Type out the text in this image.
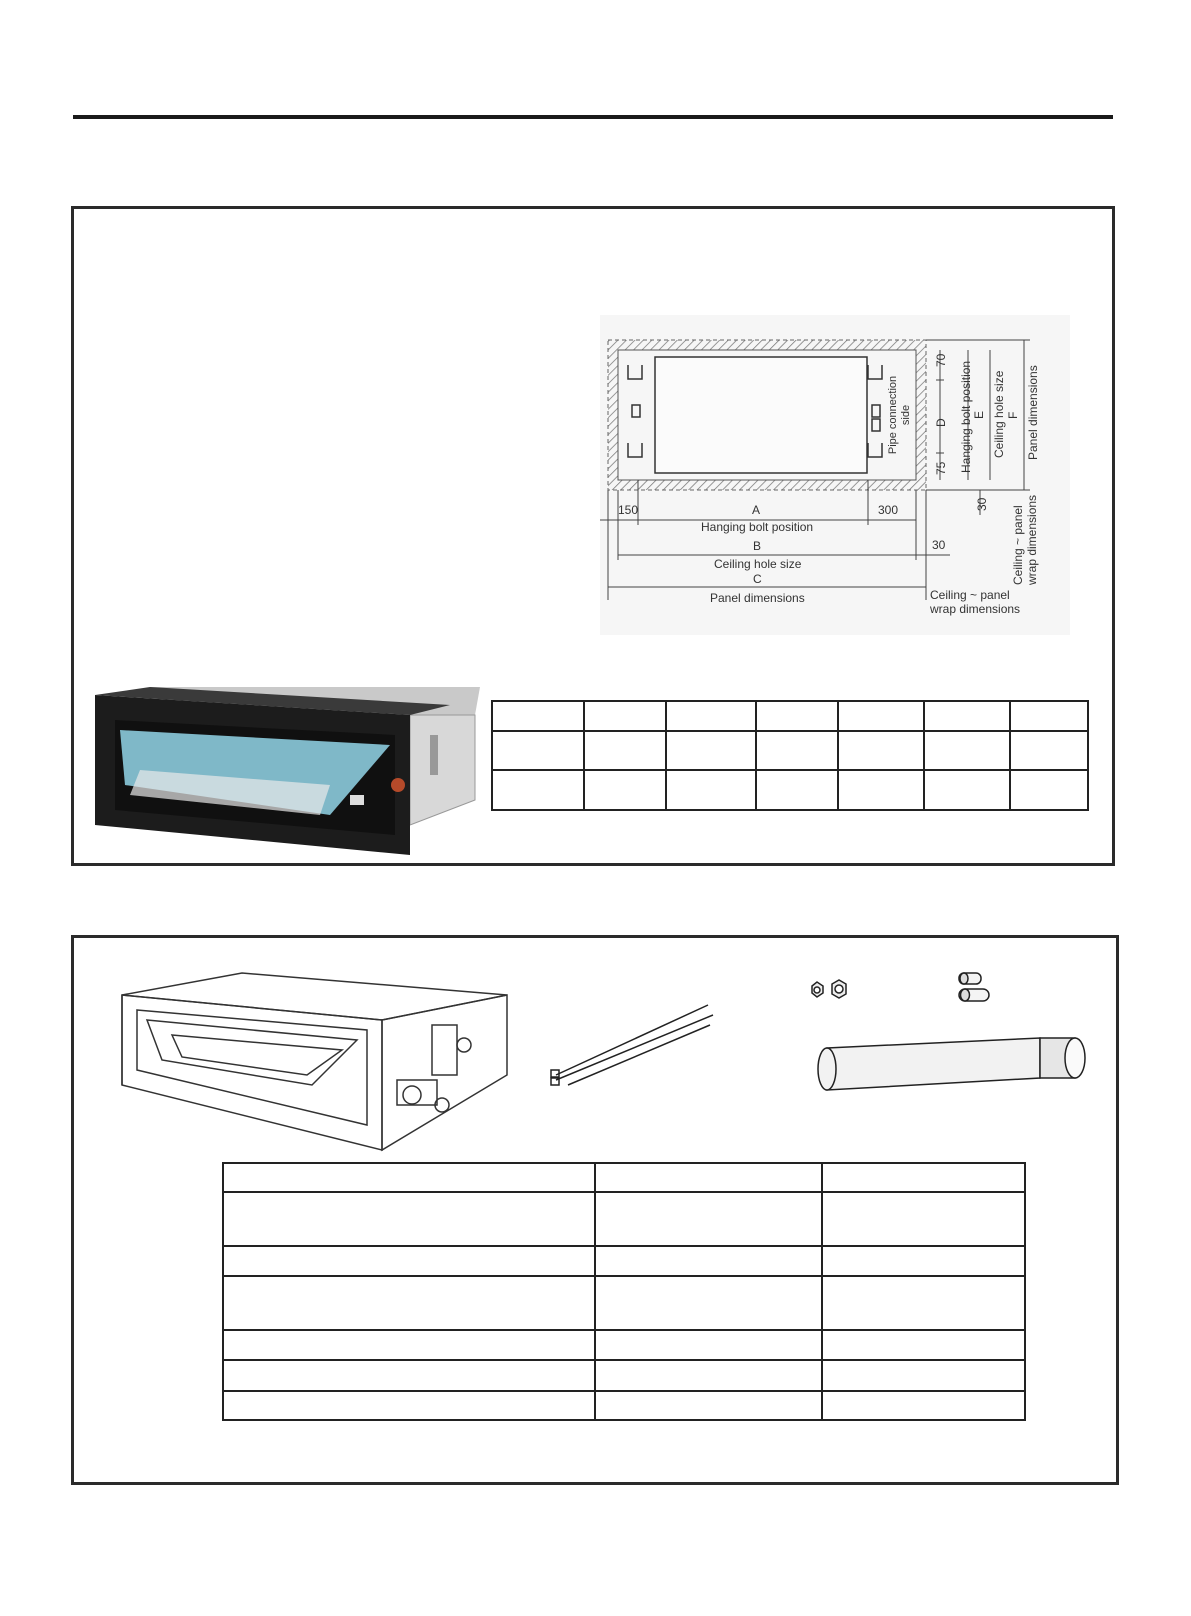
Pipe connection side
70
D
75 Hanging bolt position E Ceiling hole size F Panel dimensions
30
Ceiling ~ panel wrap dimensions
150	A	300
Hanging bolt position
B	30
Ceiling hole size
C
Panel dimensions	Ceiling ~ panel
wrap dimensions
